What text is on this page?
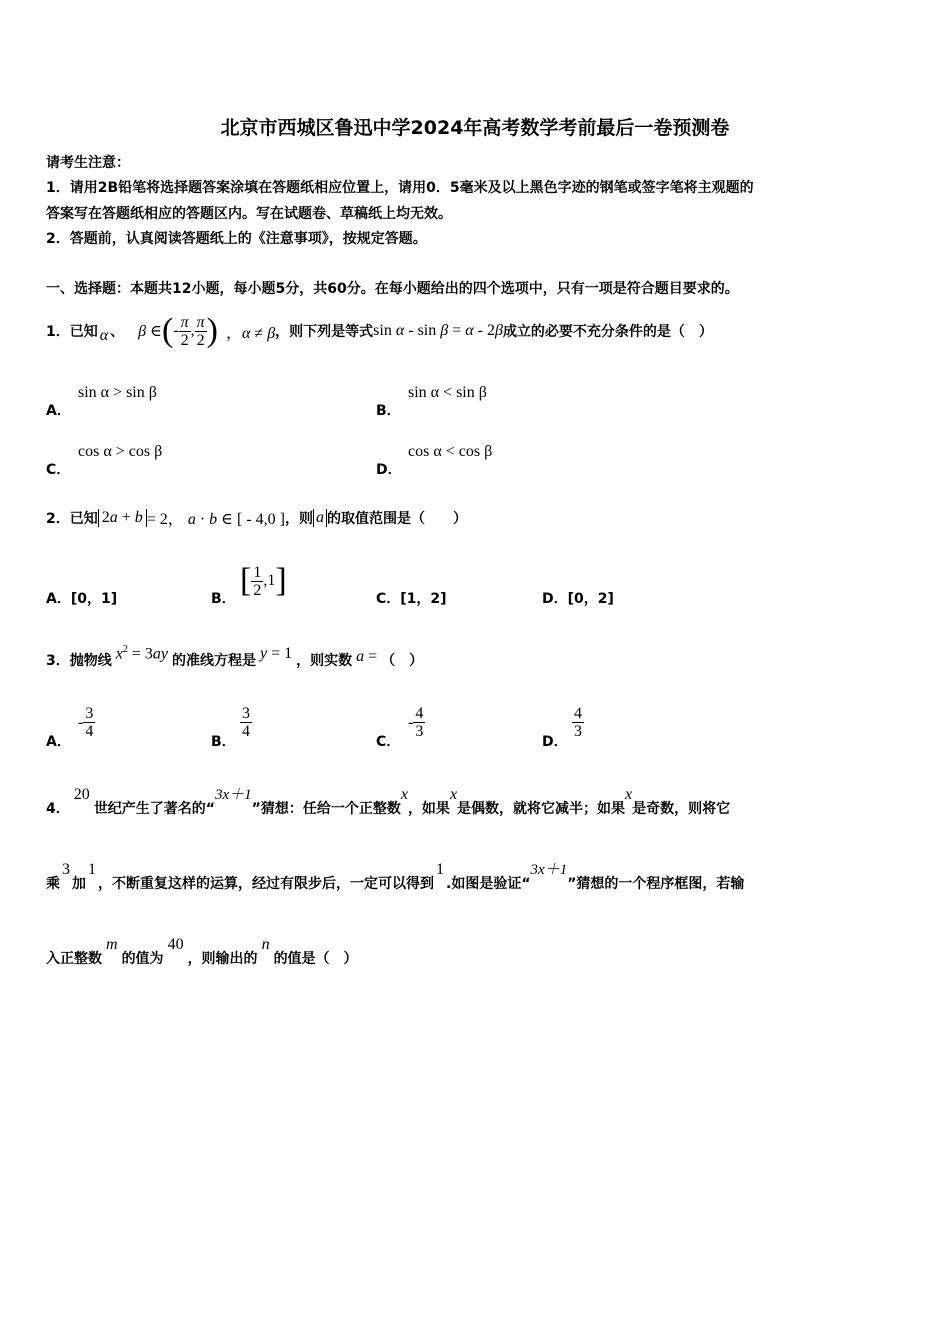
北京市西城区鲁迅中学2024年高考数学考前最后一卷预测卷
请考生注意：
1．请用2B铅笔将选择题答案涂填在答题纸相应位置上，请用0．5毫米及以上黑色字迹的钢笔或签字笔将主观题的
答案写在答题纸相应的答题区内。写在试题卷、草稿纸上均无效。
2．答题前，认真阅读答题纸上的《注意事项》，按规定答题。
一、选择题：本题共12小题，每小题5分，共60分。在每小题给出的四个选项中，只有一项是符合题目要求的。
1．已知 α 、 β ∈ ( - $\frac{\pi}{2}$ , $\frac{\pi}{2}$ ) ，α ≠ β ，则下列是等式 sin α - sin β = α - 2β 成立的必要不充分条件的是（　）
A．
sin α > sin β
B．
sin α < sin β
C．
cos α > cos β
D．
cos α < cos β
2．已知 2a + b = 2， a · b ∈ [ - 4,0 ] ，则 a 的取值范围是（　　）
A．[0，1]	B． [ $\frac{1}{2} ,1$ ]	C．[1，2]	D．[0，2]
3．抛物线 $x^2 = 3ay$ 的准线方程是 y = 1 ，则实数 a = （　）
A．
- $\frac{3}{4}$
B．
$\frac{3}{4}$
C．
- $\frac{4}{3}$
D．
$\frac{4}{3}$
4．
20
世纪产生了著名的“
3x＋1
”猜想：任给一个正整数
x
，如果
x
是偶数，就将它减半；如果
x
是奇数，则将它
乘
3
加
1
，不断重复这样的运算，经过有限步后，一定可以得到
1
.如图是验证“
3x＋1
”猜想的一个程序框图，若输
入正整数
m
的值为
40
，则输出的
n
的值是（　）
